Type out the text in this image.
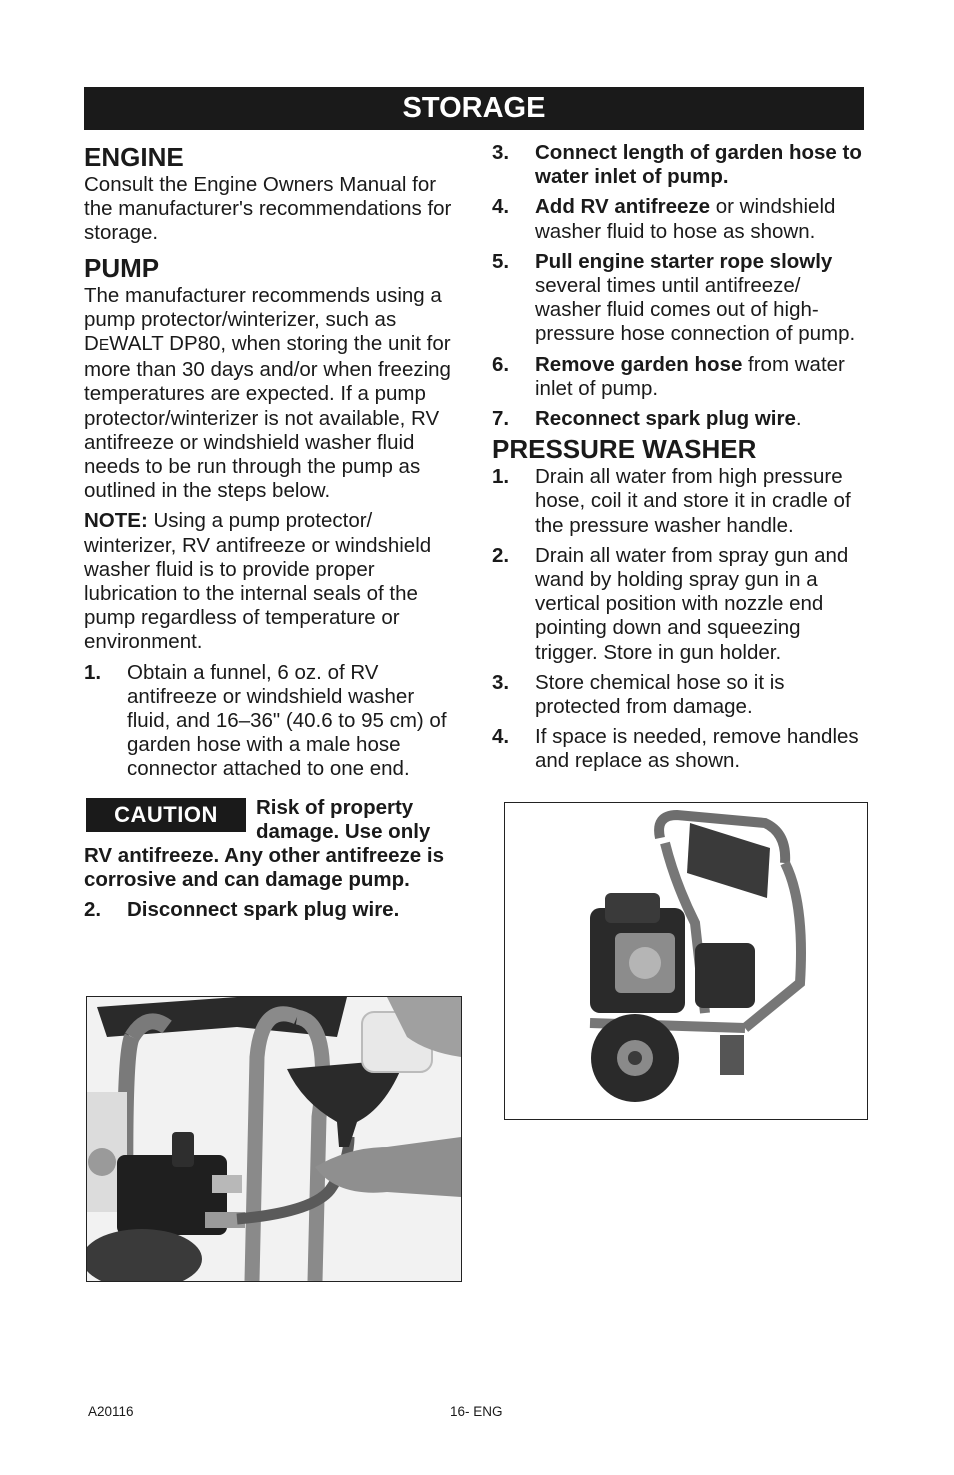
STORAGE
ENGINE

Consult the Engine Owners Manual for the manufacturer's recommendations for storage.

PUMP

The manufacturer recommends using a pump protector/winterizer, such as DEWALT DP80, when storing the unit for more than 30 days and/or when freezing temperatures are expected. If a pump protector/winterizer is not available, RV antifreeze or windshield washer fluid needs to be run through the pump as outlined in the steps below.

NOTE: Using a pump protector/ winterizer, RV antifreeze or windshield washer fluid is to provide proper lubrication to the internal seals of the pump regardless of temperature or environment.

1.	Obtain a funnel, 6 oz. of RV antifreeze or windshield washer fluid, and 16–36" (40.6 to 95 cm) of garden hose with a male hose connector attached to one end.
CAUTION	Risk of property damage. Use only RV antifreeze. Any other antifreeze is corrosive and can damage pump.
2.	Disconnect spark plug wire.
3.	Connect length of garden hose to water inlet of pump.
4.	Add RV antifreeze or windshield washer fluid to hose as shown.
5.	Pull engine starter rope slowly several times until antifreeze/ washer fluid comes out of high-pressure hose connection of pump.
6.	Remove garden hose from water inlet of pump.
7.	Reconnect spark plug wire.
PRESSURE WASHER
1.	Drain all water from high pressure hose, coil it and store it in cradle of the pressure washer handle.
2.	Drain all water from spray gun and wand by holding spray gun in a vertical position with nozzle end pointing down and squeezing trigger. Store in gun holder.
3.	Store chemical hose so it is protected from damage.
4.	If space is needed, remove handles and replace as shown.
A20116	16- ENG
